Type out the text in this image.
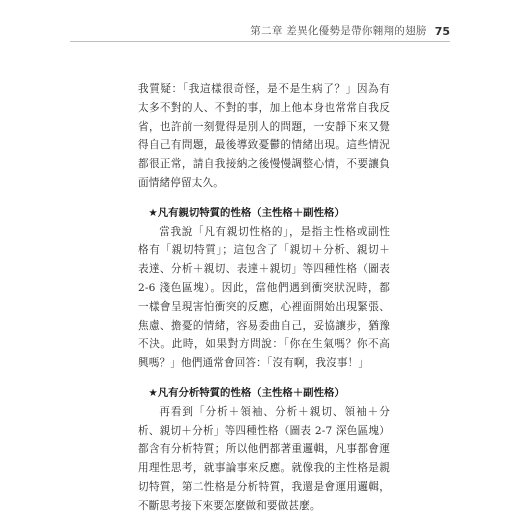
第二章 差異化優勢是帶你翱翔的翅膀 75

我質疑：「我這樣很奇怪，是不是生病了？」因為有太多不對的人、不對的事，加上他本身也常常自我反省，也許前一刻覺得是別人的問題，一安靜下來又覺得自己有問題，最後導致憂鬱的情緒出現。這些情況都很正常，請自我接納之後慢慢調整心情，不要讓負面情緒停留太久。

★凡有親切特質的性格（主性格＋副性格）

當我說「凡有親切性格的」，是指主性格或副性格有「親切特質」；這包含了「親切＋分析、親切＋表達、分析＋親切、表達＋親切」等四種性格（圖表 2-6 淺色區塊）。因此，當他們遇到衝突狀況時，都一樣會呈現害怕衝突的反應，心裡面開始出現緊張、焦慮、擔憂的情緒，容易委曲自己，妥協讓步，猶豫不決。此時，如果對方問說：「你在生氣嗎？你不高興嗎？」他們通常會回答：「沒有啊，我沒事！」

★凡有分析特質的性格（主性格＋副性格）

再看到「分析＋領袖、分析＋親切、領袖＋分析、親切＋分析」等四種性格（圖表 2-7 深色區塊）都含有分析特質；所以他們都著重邏輯，凡事都會運用理性思考，就事論事來反應。就像我的主性格是親切特質，第二性格是分析特質，我還是會運用邏輯，不斷思考接下來要怎麼做和要做甚麼。
